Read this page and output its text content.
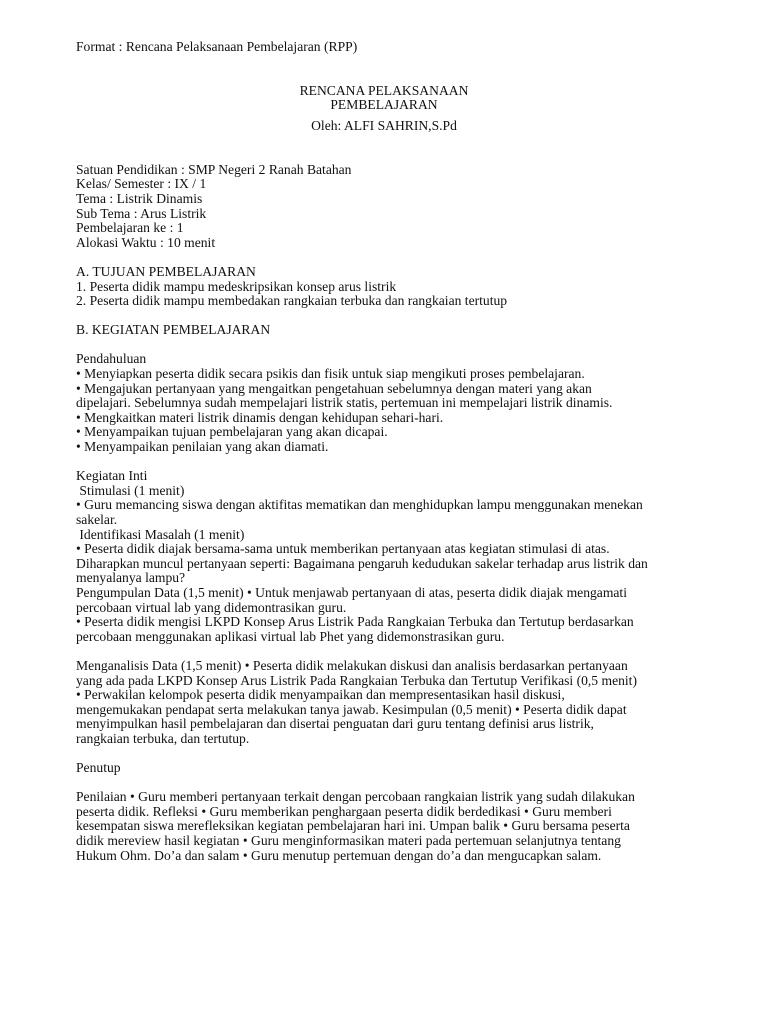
Format : Rencana Pelaksanaan Pembelajaran (RPP)
RENCANA PELAKSANAAN
PEMBELAJARAN
Oleh: ALFI SAHRIN,S.Pd
Satuan Pendidikan : SMP Negeri 2 Ranah Batahan
Kelas/ Semester : IX / 1
Tema : Listrik Dinamis
Sub Tema : Arus Listrik
Pembelajaran ke : 1
Alokasi Waktu : 10 menit
A. TUJUAN PEMBELAJARAN
1. Peserta didik mampu medeskripsikan konsep arus listrik
2. Peserta didik mampu membedakan rangkaian terbuka dan rangkaian tertutup
B. KEGIATAN PEMBELAJARAN
Pendahuluan
• Menyiapkan peserta didik secara psikis dan fisik untuk siap mengikuti proses pembelajaran.
• Mengajukan pertanyaan yang mengaitkan pengetahuan sebelumnya dengan materi yang akan
dipelajari. Sebelumnya sudah mempelajari listrik statis, pertemuan ini mempelajari listrik dinamis.
• Mengkaitkan materi listrik dinamis dengan kehidupan sehari-hari.
• Menyampaikan tujuan pembelajaran yang akan dicapai.
• Menyampaikan penilaian yang akan diamati.
Kegiatan Inti
Stimulasi (1 menit)
• Guru memancing siswa dengan aktifitas mematikan dan menghidupkan lampu menggunakan menekan
sakelar.
Identifikasi Masalah (1 menit)
• Peserta didik diajak bersama-sama untuk memberikan pertanyaan atas kegiatan stimulasi di atas.
Diharapkan muncul pertanyaan seperti: Bagaimana pengaruh kedudukan sakelar terhadap arus listrik dan
menyalanya lampu?
Pengumpulan Data (1,5 menit) • Untuk menjawab pertanyaan di atas, peserta didik diajak mengamati
percobaan virtual lab yang didemontrasikan guru.
• Peserta didik mengisi LKPD Konsep Arus Listrik Pada Rangkaian Terbuka dan Tertutup berdasarkan
percobaan menggunakan aplikasi virtual lab Phet yang didemonstrasikan guru.
Menganalisis Data (1,5 menit) • Peserta didik melakukan diskusi dan analisis berdasarkan pertanyaan
yang ada pada LKPD Konsep Arus Listrik Pada Rangkaian Terbuka dan Tertutup Verifikasi (0,5 menit)
• Perwakilan kelompok peserta didik menyampaikan dan mempresentasikan hasil diskusi,
mengemukakan pendapat serta melakukan tanya jawab. Kesimpulan (0,5 menit) • Peserta didik dapat
menyimpulkan hasil pembelajaran dan disertai penguatan dari guru tentang definisi arus listrik,
rangkaian terbuka, dan tertutup.
Penutup
Penilaian • Guru memberi pertanyaan terkait dengan percobaan rangkaian listrik yang sudah dilakukan
peserta didik. Refleksi • Guru memberikan penghargaan peserta didik berdedikasi • Guru memberi
kesempatan siswa merefleksikan kegiatan pembelajaran hari ini. Umpan balik • Guru bersama peserta
didik mereview hasil kegiatan • Guru menginformasikan materi pada pertemuan selanjutnya tentang
Hukum Ohm. Do’a dan salam • Guru menutup pertemuan dengan do’a dan mengucapkan salam.
